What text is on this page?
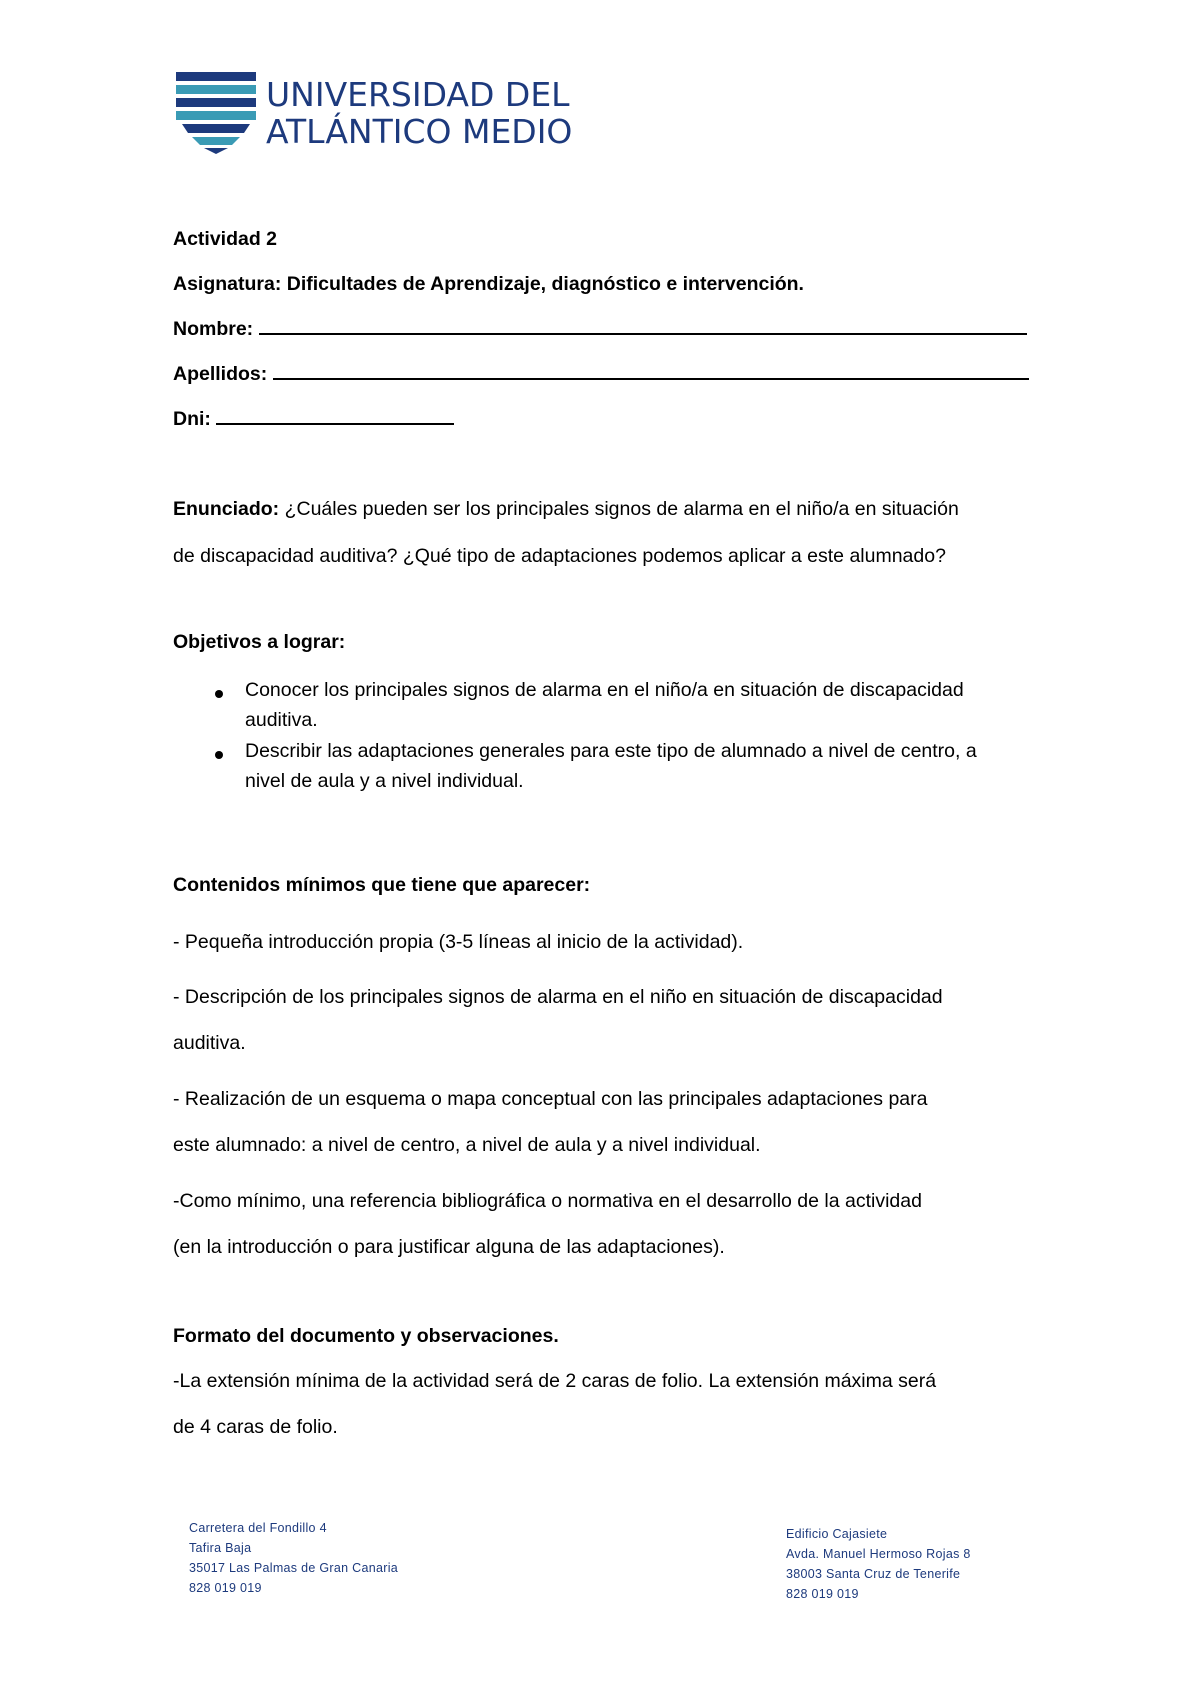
UNIVERSIDAD DEL
ATLÁNTICO MEDIO
Actividad 2
Asignatura: Dificultades de Aprendizaje, diagnóstico e intervención.
Nombre:
Apellidos:
Dni:
Enunciado: ¿Cuáles pueden ser los principales signos de alarma en el niño/a en situación
de discapacidad auditiva? ¿Qué tipo de adaptaciones podemos aplicar a este alumnado?
Objetivos a lograr:
Conocer los principales signos de alarma en el niño/a en situación de discapacidad auditiva.
Describir las adaptaciones generales para este tipo de alumnado a nivel de centro, a nivel de aula y a nivel individual.
Contenidos mínimos que tiene que aparecer:
- Pequeña introducción propia (3-5 líneas al inicio de la actividad).
- Descripción de los principales signos de alarma en el niño en situación de discapacidad
auditiva.
- Realización de un esquema o mapa conceptual con las principales adaptaciones para
este alumnado: a nivel de centro, a nivel de aula y a nivel individual.
-Como mínimo, una referencia bibliográfica o normativa en el desarrollo de la actividad
(en la introducción o para justificar alguna de las adaptaciones).
Formato del documento y observaciones.
-La extensión mínima de la actividad será de 2 caras de folio. La extensión máxima será
de 4 caras de folio.
Carretera del Fondillo 4
Tafira Baja
35017 Las Palmas de Gran Canaria
828 019 019
Edificio Cajasiete
Avda. Manuel Hermoso Rojas 8
38003 Santa Cruz de Tenerife
828 019 019
